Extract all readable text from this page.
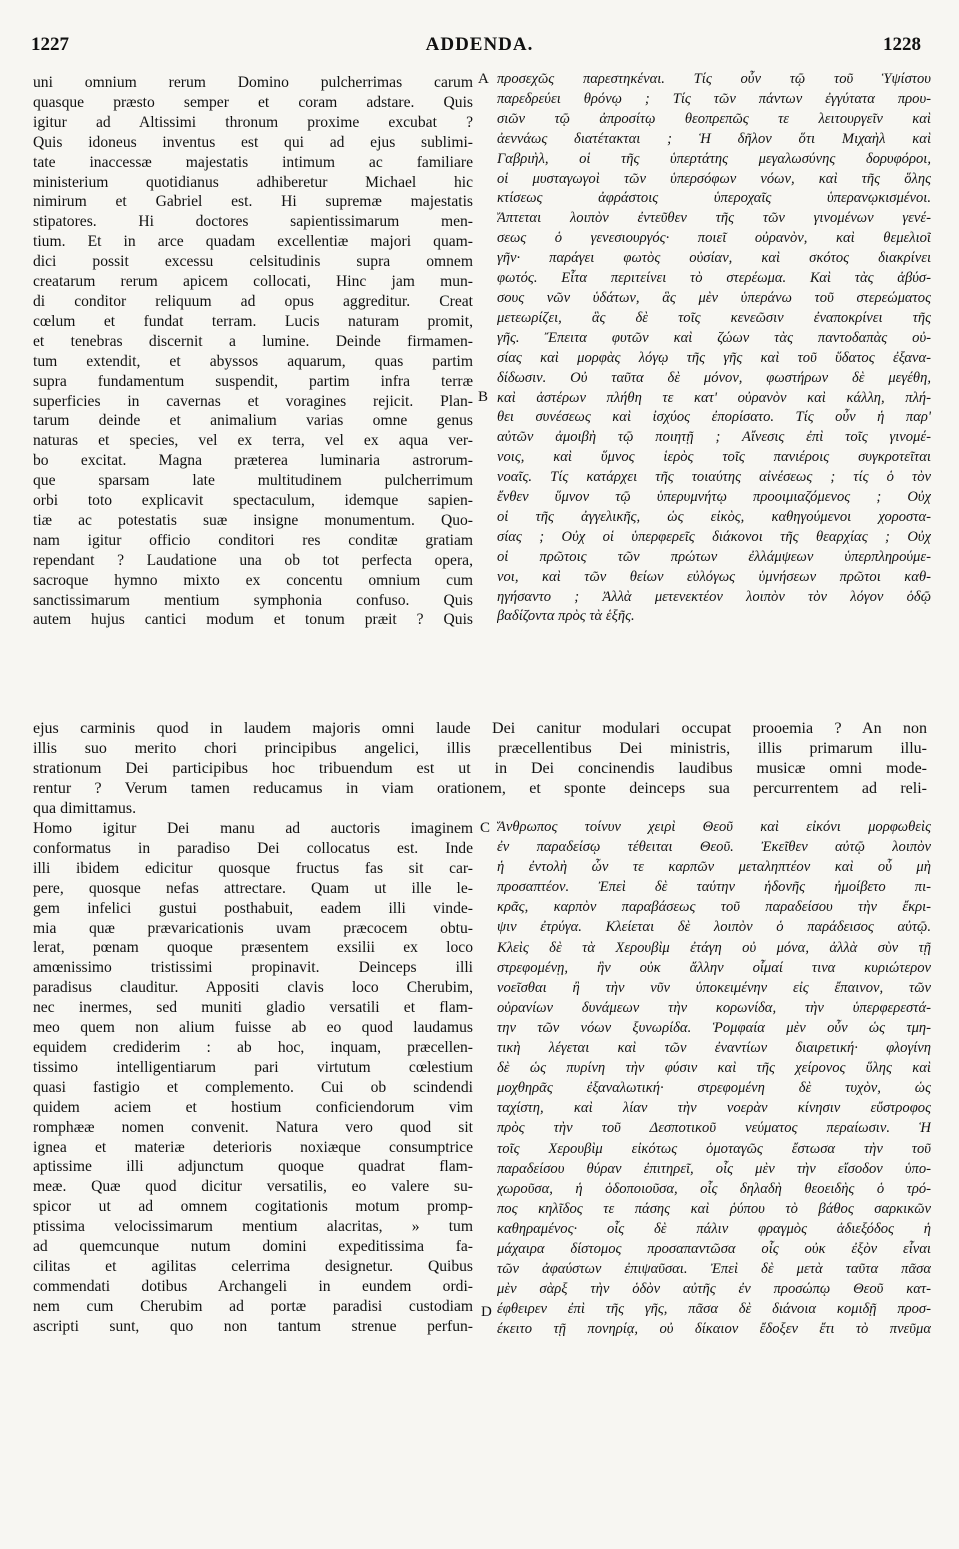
1227	ADDENDA.	1228
A
B
C
D
uni omnium rerum Domino pulcherrimas carum
quasque præsto semper et coram adstare. Quis
igitur ad Altissimi thronum proxime excubat ?
Quis idoneus inventus est qui ad ejus sublimi-
tate inaccessæ majestatis intimum ac familiare
ministerium quotidianus adhiberetur Michael hic
nimirum et Gabriel est. Hi supremæ majestatis
stipatores. Hi doctores sapientissimarum men-
tium. Et in arce quadam excellentiæ majori quam-
dici possit excessu celsitudinis supra omnem
creatarum rerum apicem collocati, Hinc jam mun-
di conditor reliquum ad opus aggreditur. Creat
cœlum et fundat terram. Lucis naturam promit,
et tenebras discernit a lumine. Deinde firmamen-
tum extendit, et abyssos aquarum, quas partim
supra fundamentum suspendit, partim infra terræ
superficies in cavernas et voragines rejicit. Plan-
tarum deinde et animalium varias omne genus
naturas et species, vel ex terra, vel ex aqua ver-
bo excitat. Magna præterea luminaria astrorum-
que sparsam late multitudinem pulcherrimum
orbi toto explicavit spectaculum, idemque sapien-
tiæ ac potestatis suæ insigne monumentum. Quo-
nam igitur officio conditori res conditæ gratiam
rependant ? Laudatione una ob tot perfecta opera,
sacroque hymno mixto ex concentu omnium cum
sanctissimarum mentium symphonia confuso. Quis
autem hujus cantici modum et tonum præit ? Quis
προσεχῶς παρεστηκέναι. Τίς οὖν τῷ τοῦ Ὑψίστου
παρεδρεύει θρόνῳ ; Τίς τῶν πάντων ἐγγύτατα πρου-
σιῶν τῷ ἀπροσίτῳ θεοπρεπῶς τε λειτουργεῖν καὶ
ἀεννάως διατέτακται ; Ἡ δῆλον ὅτι Μιχαὴλ καὶ
Γαβριὴλ, οἱ τῆς ὑπερτάτης μεγαλωσύνης δορυφόροι,
οἱ μυσταγωγοὶ τῶν ὑπερσόφων νόων, καὶ τῆς ὅλης
κτίσεως ἀφράστοις ὑπεροχαῖς ὑπερανῳκισμένοι.
Ἅπτεται λοιπὸν ἐντεῦθεν τῆς τῶν γινομένων γενέ-
σεως ὁ γενεσιουργός· ποιεῖ οὐρανὸν, καὶ θεμελιοῖ
γῆν· παράγει φωτὸς οὐσίαν, καὶ σκότος διακρίνει
φωτός. Εἶτα περιτείνει τὸ στερέωμα. Καὶ τὰς ἀβύσ-
σους νῶν ὑδάτων, ἃς μὲν ὑπεράνω τοῦ στερεώματος
μετεωρίζει, ἃς δὲ τοῖς κενεῶσιν ἐναποκρίνει τῆς
γῆς. Ἔπειτα φυτῶν καὶ ζώων τὰς παντοδαπὰς οὐ-
σίας καὶ μορφὰς λόγῳ τῆς γῆς καὶ τοῦ ὕδατος ἐξανα-
δίδωσιν. Οὐ ταῦτα δὲ μόνον, φωστήρων δὲ μεγέθη,
καὶ ἀστέρων πλήθη τε κατ' οὐρανὸν καὶ κάλλη, πλή-
θει συνέσεως καὶ ἰσχύος ἐπορίσατο. Τίς οὖν ἡ παρ'
αὐτῶν ἀμοιβὴ τῷ ποιητῇ ; Αἴνεσις ἐπὶ τοῖς γινομέ-
νοις, καὶ ὕμνος ἱερὸς τοῖς πανιέροις συγκροτεῖται
νοαῖς. Τίς κατάρχει τῆς τοιαύτης αἰνέσεως ; τίς ὁ τὸν
ἔνθεν ὕμνον τῷ ὑπερυμνήτῳ προοιμιαζόμενος ; Οὐχ
οἱ τῆς ἀγγελικῆς, ὡς εἰκὸς, καθηγούμενοι χοροστα-
σίας ; Οὐχ οἱ ὑπερφερεῖς διάκονοι τῆς θεαρχίας ; Οὐχ
οἱ πρῶτοις τῶν πρώτων ἐλλάμψεων ὑπερπληρούμε-
νοι, καὶ τῶν θείων εὐλόγως ὑμνήσεων πρῶτοι καθ-
ηγήσαντο ; Ἀλλὰ μετενεκτέον λοιπὸν τὸν λόγον ὁδῷ
βαδίζοντα πρὸς τὰ ἑξῆς.
ejus carminis quod in laudem majoris omni laude Dei canitur modulari occupat prooemia ? An non
illis suo merito chori principibus angelici, illis præcellentibus Dei ministris, illis primarum illu-
strationum Dei participibus hoc tribuendum est ut in Dei concinendis laudibus musicæ omni mode-
rentur ? Verum tamen reducamus in viam orationem, et sponte deinceps sua percurrentem ad reli-
qua dimittamus.
Homo igitur Dei manu ad auctoris imaginem
conformatus in paradiso Dei collocatus est. Inde
illi ibidem edicitur quosque fructus fas sit car-
pere, quosque nefas attrectare. Quam ut ille le-
gem infelici gustui posthabuit, eadem illi vinde-
mia quæ prævaricationis uvam præcocem obtu-
lerat, pœnam quoque præsentem exsilii ex loco
amœnissimo tristissimi propinavit. Deinceps illi
paradisus clauditur. Appositi clavis loco Cherubim,
nec inermes, sed muniti gladio versatili et flam-
meo quem non alium fuisse ab eo quod laudamus
equidem crediderim : ab hoc, inquam, præcellen-
tissimo intelligentiarum pari virtutum cœlestium
quasi fastigio et complemento. Cui ob scindendi
quidem aciem et hostium conficiendorum vim
romphææ nomen convenit. Natura vero quod sit
ignea et materiæ deterioris noxiæque consumptrice
aptissime illi adjunctum quoque quadrat flam-
meæ. Quæ quod dicitur versatilis, eo valere su-
spicor ut ad omnem cogitationis motum promp-
ptissima velocissimarum mentium alacritas, » tum
ad quemcunque nutum domini expeditissima fa-
cilitas et agilitas celerrima designetur. Quibus
commendati dotibus Archangeli in eundem ordi-
nem cum Cherubim ad portæ paradisi custodiam
ascripti sunt, quo non tantum strenue perfun-
Ἄνθρωπος τοίνυν χειρὶ Θεοῦ καὶ εἰκόνι μορφωθεὶς
ἐν παραδείσῳ τέθειται Θεοῦ. Ἐκεῖθεν αὐτῷ λοιπὸν
ἡ ἐντολὴ ὧν τε καρπῶν μεταληπτέον καὶ οὗ μὴ
προσαπτέον. Ἐπεὶ δὲ ταύτην ἡδονῆς ἠμοίβετο πι-
κρᾶς, καρπὸν παραβάσεως τοῦ παραδείσου τὴν ἔκρι-
ψιν ἐτρύγα. Κλείεται δὲ λοιπὸν ὁ παράδεισος αὐτῷ.
Κλεὶς δὲ τὰ Χερουβὶμ ἐτάγη οὐ μόνα, ἀλλὰ σὺν τῇ
στρεφομένῃ, ἣν οὐκ ἄλλην οἶμαί τινα κυριώτερον
νοεῖσθαι ἢ τὴν νῦν ὑποκειμένην εἰς ἔπαινον, τῶν
οὐρανίων δυνάμεων τὴν κορωνίδα, τὴν ὑπερφερεστά-
την τῶν νόων ξυνωρίδα. Ῥομφαία μὲν οὖν ὡς τμη-
τικὴ λέγεται καὶ τῶν ἐναντίων διαιρετική· φλογίνη
δὲ ὡς πυρίνη τὴν φύσιν καὶ τῆς χείρονος ὕλης καὶ
μοχθηρᾶς ἐξαναλωτική· στρεφομένη δὲ τυχὸν, ὡς
ταχίστη, καὶ λίαν τὴν νοερὰν κίνησιν εὔστροφος
πρὸς τὴν τοῦ Δεσποτικοῦ νεύματος περαίωσιν. Ἡ
τοῖς Χερουβὶμ εἰκότως ὁμοταγῶς ἔστωσα τὴν τοῦ
παραδείσου θύραν ἐπιτηρεῖ, οἷς μὲν τὴν εἴσοδον ὑπο-
χωροῦσα, ἡ ὁδοποιοῦσα, οἷς δηλαδὴ θεοειδὴς ὁ τρό-
πος κηλῖδος τε πάσης καὶ ῥύπου τὸ βάθος σαρκικῶν
καθηραμένος· οἷς δὲ πάλιν φραγμὸς ἀδιεξόδος ἡ
μάχαιρα δίστομος προσαπαντῶσα οἷς οὐκ ἐξὸν εἶναι
τῶν ἀφαύστων ἐπιψαῦσαι. Ἐπεὶ δὲ μετὰ ταῦτα πᾶσα
μὲν σὰρξ τὴν ὁδὸν αὐτῆς ἐν προσώπῳ Θεοῦ κατ-
έφθειρεν ἐπὶ τῆς γῆς, πᾶσα δὲ διάνοια κομιδῇ προσ-
έκειτο τῇ πονηρίᾳ, οὐ δίκαιον ἔδοξεν ἔτι τὸ πνεῦμα
